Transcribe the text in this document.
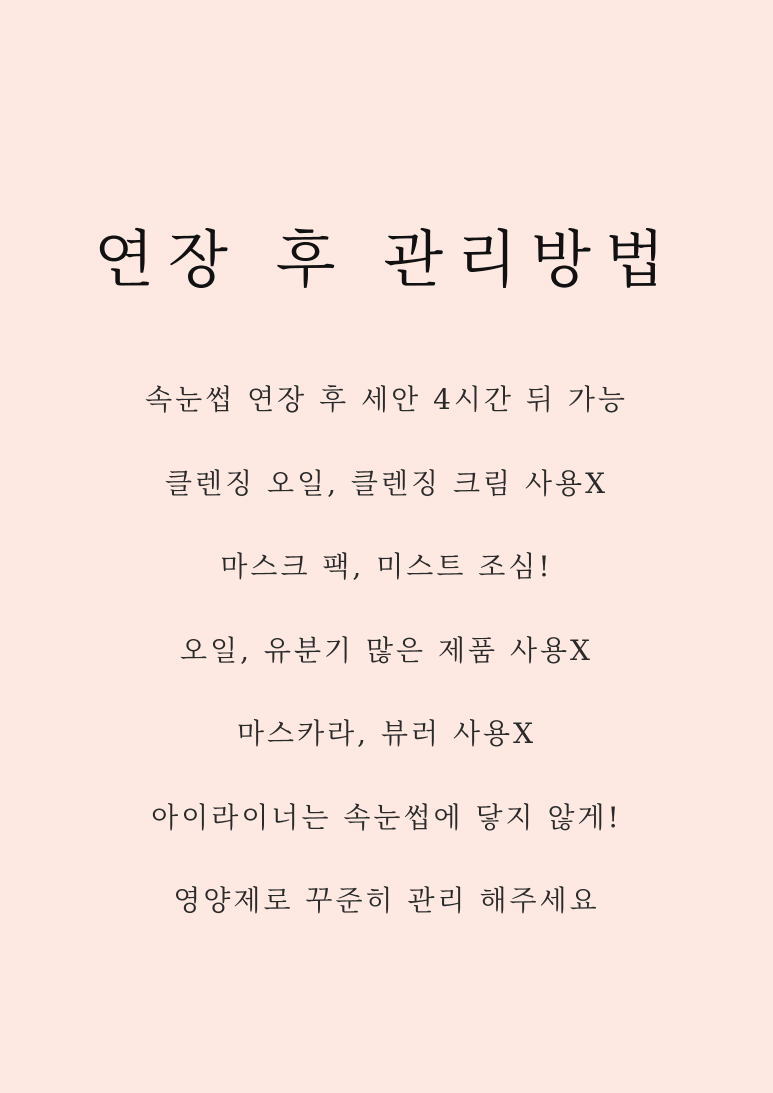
연장 후 관리방법
속눈썹 연장 후 세안 4시간 뒤 가능
클렌징 오일, 클렌징 크림 사용X
마스크 팩, 미스트 조심!
오일, 유분기 많은 제품 사용X
마스카라, 뷰러 사용X
아이라이너는 속눈썹에 닿지 않게!
영양제로 꾸준히 관리 해주세요
